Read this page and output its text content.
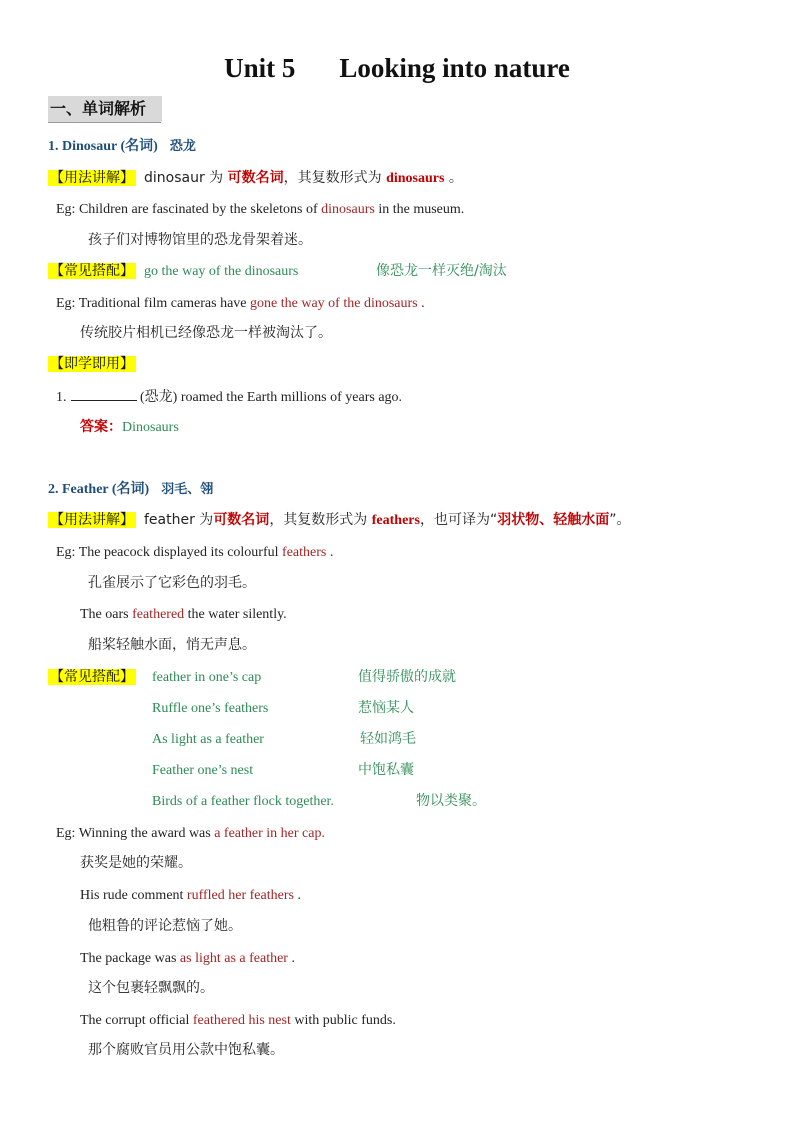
Unit 5 Looking into nature
一、单词解析
1. Dinosaur (名词) 恐龙
【用法讲解】 dinosaur 为 可数名词，其复数形式为 dinosaurs 。
Eg: Children are fascinated by the skeletons of dinosaurs in the museum.
孩子们对博物馆里的恐龙骨架着迷。
【常见搭配】 go the way of the dinosaurs	像恐龙一样灭绝/淘汰
Eg: Traditional film cameras have gone the way of the dinosaurs .
传统胶片相机已经像恐龙一样被淘汰了。
【即学即用】
1.	(恐龙) roamed the Earth millions of years ago.
答案：Dinosaurs
2. Feather (名词) 羽毛、翎
【用法讲解】 feather 为可数名词，其复数形式为 feathers，也可译为“羽状物、轻触水面”。
Eg: The peacock displayed its colourful feathers .
孔雀展示了它彩色的羽毛。
The oars feathered the water silently.
船桨轻触水面，悄无声息。
【常见搭配】	feather in one’s cap	值得骄傲的成就
Ruffle one’s feathers	惹恼某人
As light as a feather	轻如鸿毛
Feather one’s nest	中饱私囊
Birds of a feather flock together.	物以类聚。
Eg: Winning the award was a feather in her cap.
获奖是她的荣耀。
His rude comment ruffled her feathers .
他粗鲁的评论惹恼了她。
The package was as light as a feather .
这个包裹轻飘飘的。
The corrupt official feathered his nest with public funds.
那个腐败官员用公款中饱私囊。
